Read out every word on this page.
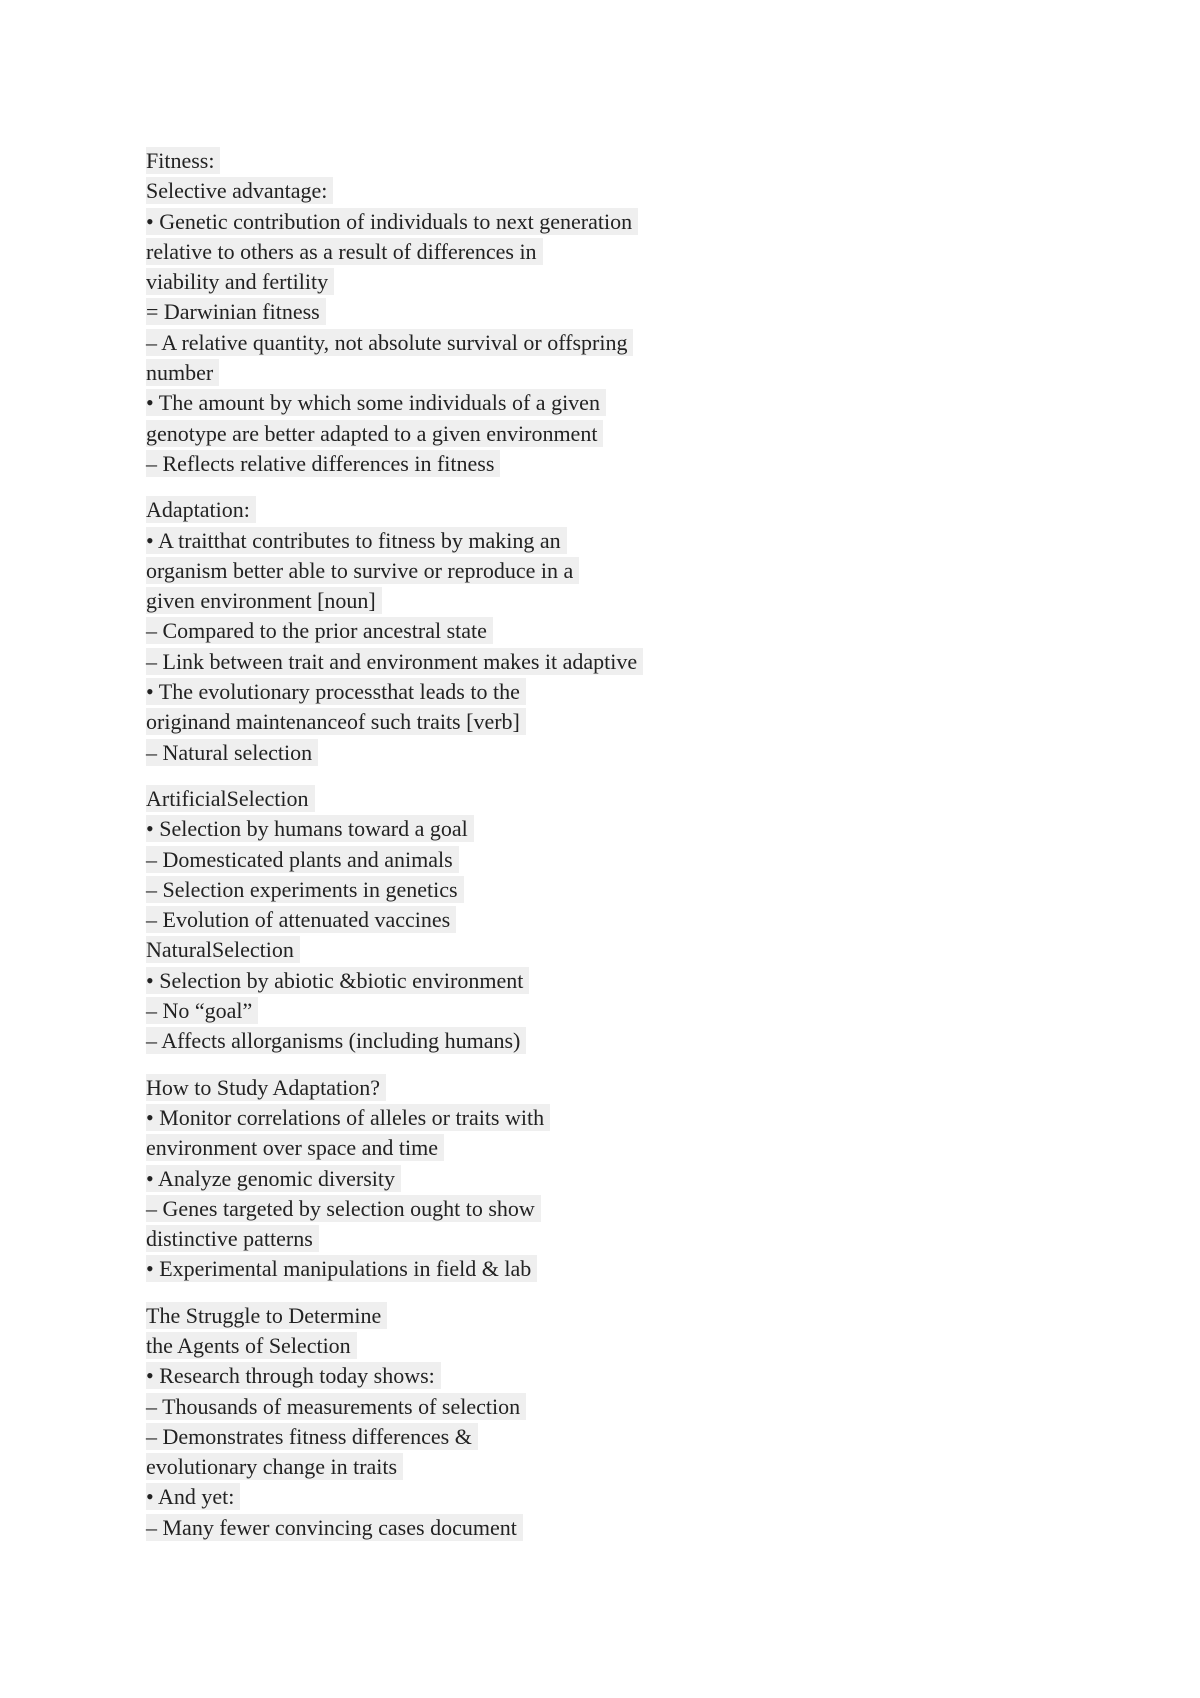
Fitness:
Selective advantage:
• Genetic contribution of individuals to next generation
relative to others as a result of differences in
viability and fertility
= Darwinian fitness
– A relative quantity, not absolute survival or offspring
number
• The amount by which some individuals of a given
genotype are better adapted to a given environment
– Reflects relative differences in fitness
Adaptation:
• A traitthat contributes to fitness by making an
organism better able to survive or reproduce in a
given environment [noun]
– Compared to the prior ancestral state
– Link between trait and environment makes it adaptive
• The evolutionary processthat leads to the
originand maintenanceof such traits [verb]
– Natural selection
ArtificialSelection
• Selection by humans toward a goal
– Domesticated plants and animals
– Selection experiments in genetics
– Evolution of attenuated vaccines
NaturalSelection
• Selection by abiotic &biotic environment
– No “goal”
– Affects allorganisms (including humans)
How to Study Adaptation?
• Monitor correlations of alleles or traits with
environment over space and time
• Analyze genomic diversity
– Genes targeted by selection ought to show
distinctive patterns
• Experimental manipulations in field & lab
The Struggle to Determine
the Agents of Selection
• Research through today shows:
– Thousands of measurements of selection
– Demonstrates fitness differences &
evolutionary change in traits
• And yet:
– Many fewer convincing cases document
